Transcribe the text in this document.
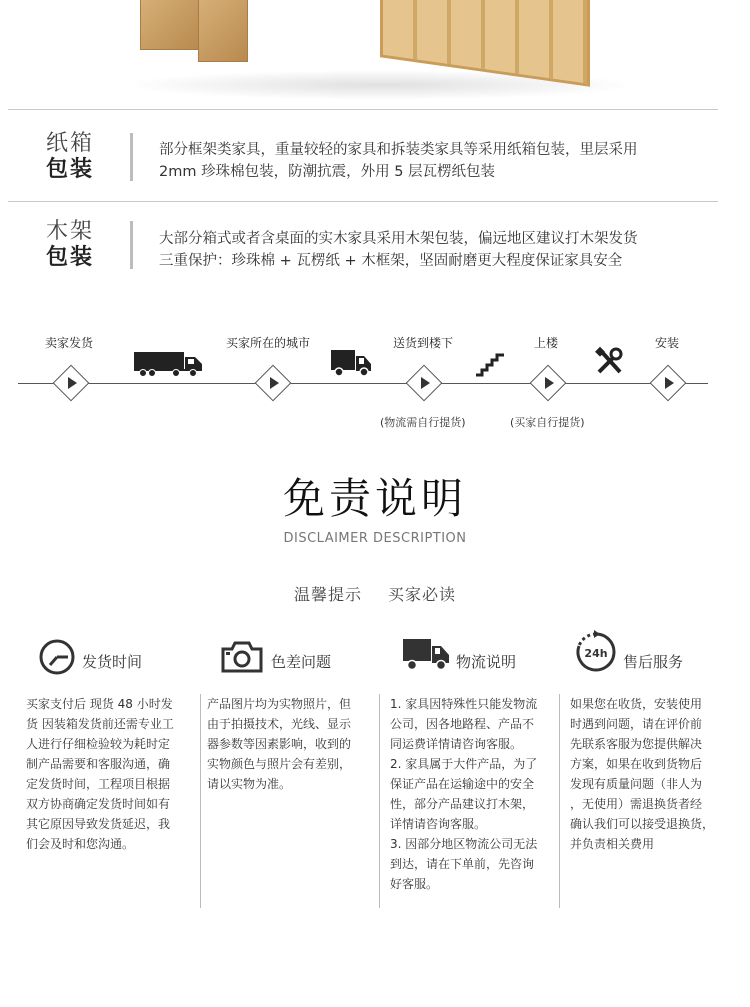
纸箱
包装
部分框架类家具，重量较轻的家具和拆装类家具等采用纸箱包装，里层采用
2mm 珍珠棉包装，防潮抗震，外用 5 层瓦楞纸包装
木架
包装
大部分箱式或者含桌面的实木家具采用木架包装，偏远地区建议打木架发货
三重保护：珍珠棉 + 瓦楞纸 + 木框架，坚固耐磨更大程度保证家具安全
卖家发货	买家所在的城市	送货到楼下	上楼	安装
(物流需自行提货)	(买家自行提货)
免责说明
DISCLAIMER DESCRIPTION
温馨提示 买家必读
24h
发货时间	色差问题	物流说明	售后服务
买家支付后 现货 48 小时发
货 因装箱发货前还需专业工
人进行仔细检验较为耗时定
制产品需要和客服沟通，确
定发货时间，工程项目根据
双方协商确定发货时间如有
其它原因导致发货延迟，我
们会及时和您沟通。
产品图片均为实物照片，但
由于拍摄技术，光线、显示
器参数等因素影响，收到的
实物颜色与照片会有差别，
请以实物为准。
1. 家具因特殊性只能发物流
公司，因各地路程、产品不
同运费详情请咨询客服。
2. 家具属于大件产品，为了
保证产品在运输途中的安全
性，部分产品建议打木架，
详情请咨询客服。
3. 因部分地区物流公司无法
到达，请在下单前，先咨询
好客服。
如果您在收货，安装使用
时遇到问题，请在评价前
先联系客服为您提供解决
方案，如果在收到货物后
发现有质量问题（非人为
，无使用）需退换货者经
确认我们可以接受退换货，
并负责相关费用
